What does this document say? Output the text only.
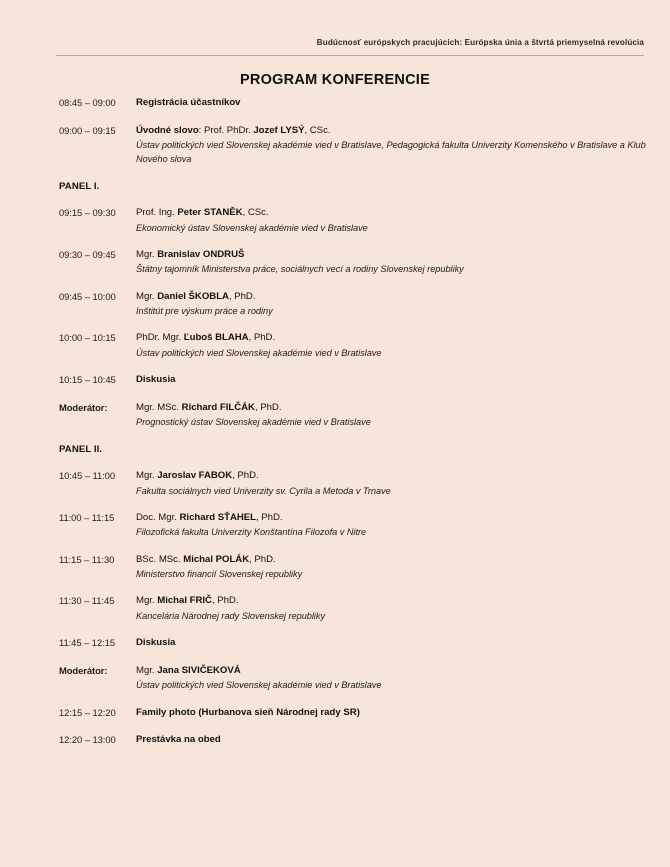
Budúcnosť európskych pracujúcich: Európska únia a štvrtá priemyselná revolúcia
PROGRAM KONFERENCIE
08:45 – 09:00	Registrácia účastníkov
09:00 – 09:15	Úvodné slovo: Prof. PhDr. Jozef LYSÝ, CSc.
Ústav politických vied Slovenskej akadémie vied v Bratislave, Pedagogická fakulta Univerzity Komenského v Bratislave a Klub Nového slova
PANEL I.
09:15 – 09:30	Prof. Ing. Peter STANĚK, CSc.
Ekonomický ústav Slovenskej akadémie vied v Bratislave
09:30 – 09:45	Mgr. Branislav ONDRUŠ
Štátny tajomník Ministerstva práce, sociálnych vecí a rodiny Slovenskej republiky
09:45 – 10:00	Mgr. Daniel ŠKOBLA, PhD.
Inštitút pre výskum práce a rodiny
10:00 – 10:15	PhDr. Mgr. Ľuboš BLAHA, PhD.
Ústav politických vied Slovenskej akadémie vied v Bratislave
10:15 – 10:45	Diskusia
Moderátor:	Mgr. MSc. Richard FILČÁK, PhD.
Prognostický ústav Slovenskej akadémie vied v Bratislave
PANEL II.
10:45 – 11:00	Mgr. Jaroslav FABOK, PhD.
Fakulta sociálnych vied Univerzity sv. Cyrila a Metoda v Trnave
11:00 – 11:15	Doc. Mgr. Richard SŤAHEL, PhD.
Filozofická fakulta Univerzity Konštantína Filozofa v Nitre
11:15 – 11:30	BSc. MSc. Michal POLÁK, PhD.
Ministerstvo financií Slovenskej republiky
11:30 – 11:45	Mgr. Michal FRIČ, PhD.
Kancelária Národnej rady Slovenskej republiky
11:45 – 12:15	Diskusia
Moderátor:	Mgr. Jana SIVIČEKOVÁ
Ústav politických vied Slovenskej akadémie vied v Bratislave
12:15 – 12:20	Family photo (Hurbanova sieň Národnej rady SR)
12:20 – 13:00	Prestávka na obed
